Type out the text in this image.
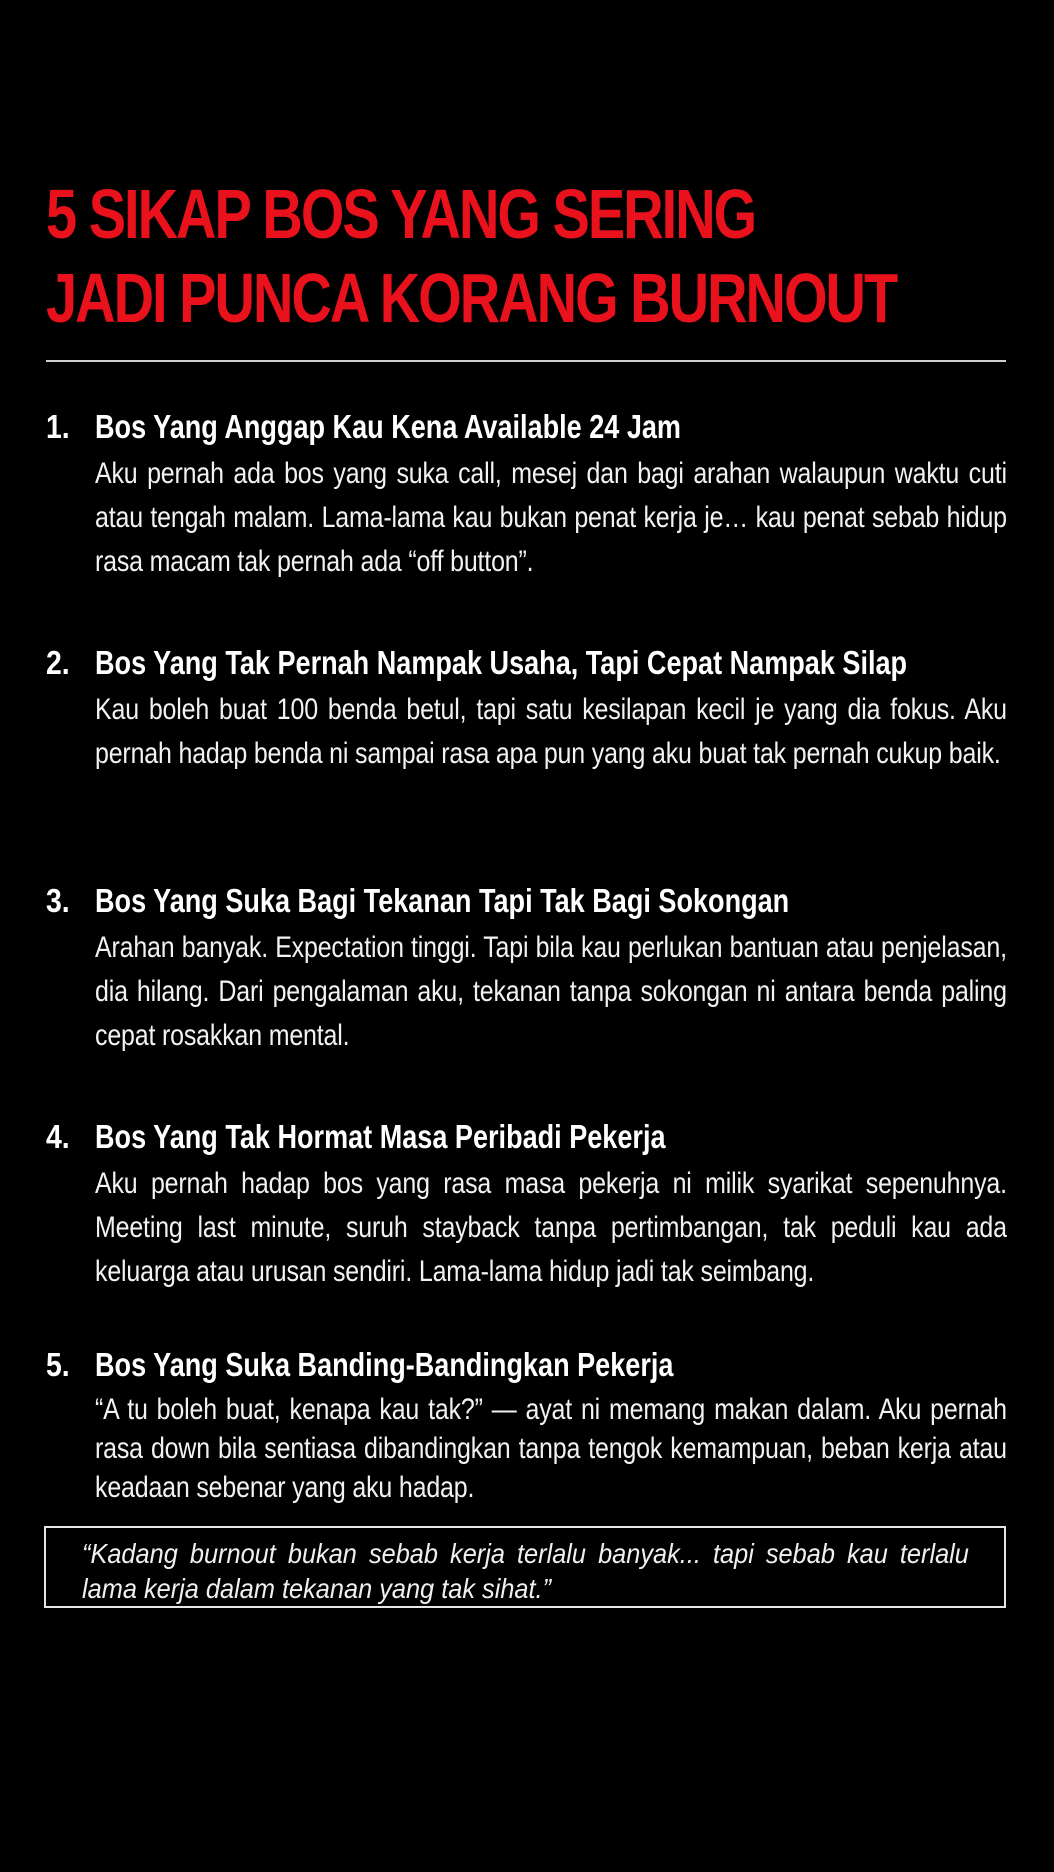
5 SIKAP BOS YANG SERING
JADI PUNCA KORANG BURNOUT
1. Bos Yang Anggap Kau Kena Available 24 Jam

Aku pernah ada bos yang suka call, mesej dan bagi arahan walaupun waktu cuti atau tengah malam. Lama-lama kau bukan penat kerja je… kau penat sebab hidup rasa macam tak pernah ada “off button”.

2. Bos Yang Tak Pernah Nampak Usaha, Tapi Cepat Nampak Silap

Kau boleh buat 100 benda betul, tapi satu kesilapan kecil je yang dia fokus. Aku pernah hadap benda ni sampai rasa apa pun yang aku buat tak pernah cukup baik.

3. Bos Yang Suka Bagi Tekanan Tapi Tak Bagi Sokongan

Arahan banyak. Expectation tinggi. Tapi bila kau perlukan bantuan atau penjelasan, dia hilang. Dari pengalaman aku, tekanan tanpa sokongan ni antara benda paling cepat rosakkan mental.

4. Bos Yang Tak Hormat Masa Peribadi Pekerja

Aku pernah hadap bos yang rasa masa pekerja ni milik syarikat sepenuhnya. Meeting last minute, suruh stayback tanpa pertimbangan, tak peduli kau ada keluarga atau urusan sendiri. Lama-lama hidup jadi tak seimbang.

5. Bos Yang Suka Banding-Bandingkan Pekerja

“A tu boleh buat, kenapa kau tak?” — ayat ni memang makan dalam. Aku pernah rasa down bila sentiasa dibandingkan tanpa tengok kemampuan, beban kerja atau keadaan sebenar yang aku hadap.

“Kadang burnout bukan sebab kerja terlalu banyak... tapi sebab kau terlalu lama kerja dalam tekanan yang tak sihat.”
